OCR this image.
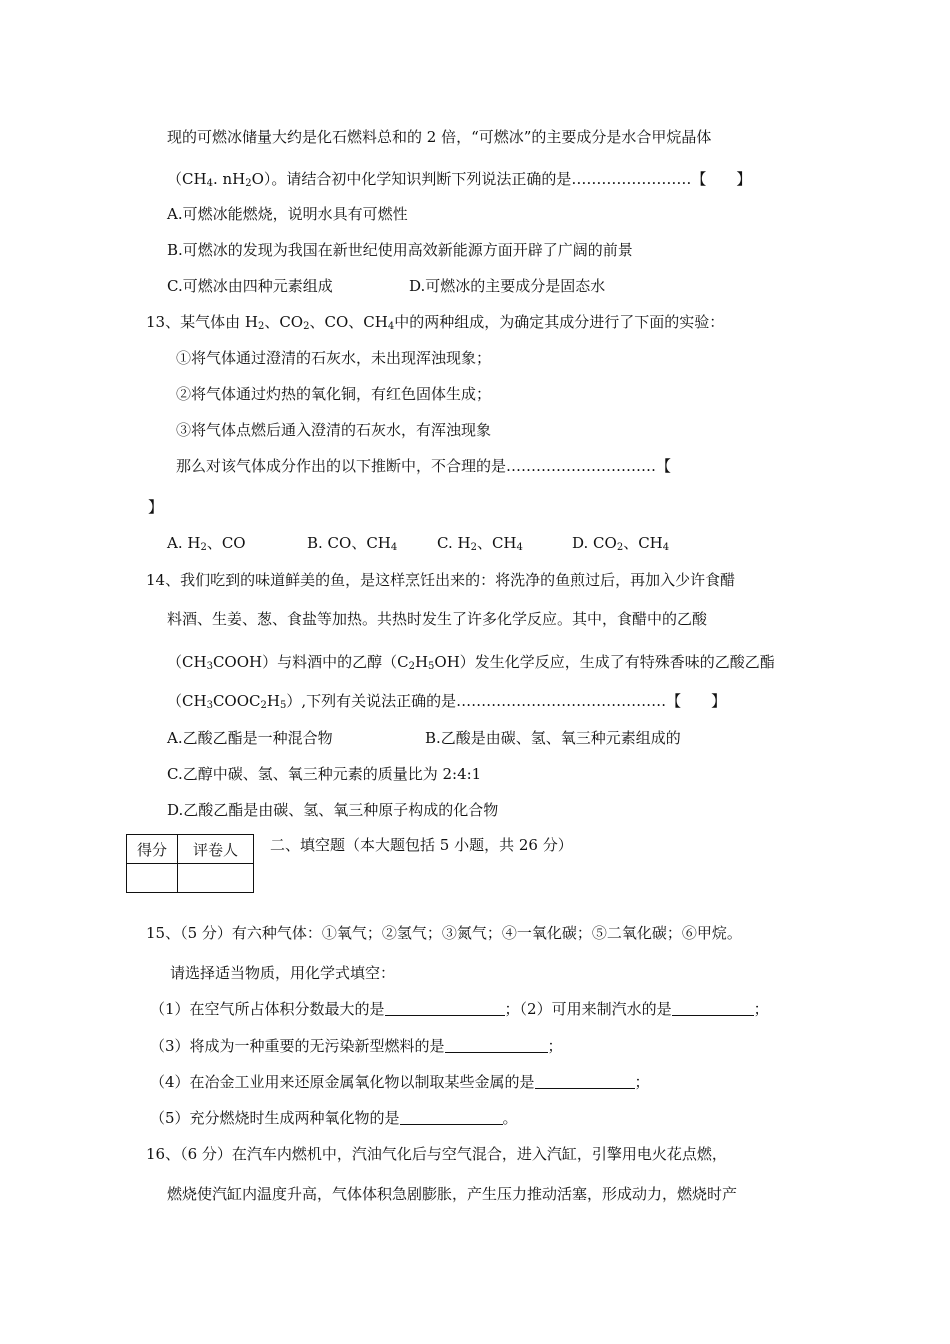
现的可燃冰储量大约是化石燃料总和的 2 倍，“可燃冰”的主要成分是水合甲烷晶体
（$CH_4$. $nH_2O$）。请结合初中化学知识判断下列说法正确的是……………………【　　】
A.可燃冰能燃烧，说明水具有可燃性
B.可燃冰的发现为我国在新世纪使用高效新能源方面开辟了广阔的前景
C.可燃冰由四种元素组成	D.可燃冰的主要成分是固态水
13、某气体由 $H_2$、$CO_2$、CO、$CH_4$中的两种组成，为确定其成分进行了下面的实验：
①将气体通过澄清的石灰水，未出现浑浊现象；
②将气体通过灼热的氧化铜，有红色固体生成；
③将气体点燃后通入澄清的石灰水，有浑浊现象
那么对该气体成分作出的以下推断中，不合理的是…………………………【
】
A. $H_2$、CO	B. CO、$CH_4$	C. $H_2$、$CH_4$	D. $CO_2$、$CH_4$
14、我们吃到的味道鲜美的鱼，是这样烹饪出来的：将洗净的鱼煎过后，再加入少许食醋
料酒、生姜、葱、食盐等加热。共热时发生了许多化学反应。其中，食醋中的乙酸
$(CH_3COOH)$与料酒中的乙醇$(C_2H_5OH)$发生化学反应，生成了有特殊香味的乙酸乙酯
$(CH_3COOC_2H_5)$,下列有关说法正确的是……………………………………【　　】
A.乙酸乙酯是一种混合物	B.乙酸是由碳、氢、氧三种元素组成的
C.乙醇中碳、氢、氧三种元素的质量比为 2:4:1
D.乙酸乙酯是由碳、氢、氧三种原子构成的化合物
得分	评卷人
	二、填空题（本大题包括 5 小题，共 26 分）
15、（5 分）有六种气体：①氧气；②氢气；③氮气；④一氧化碳；⑤二氧化碳；⑥甲烷。
请选择适当物质，用化学式填空：
（1）在空气所占体积分数最大的是	；（2）可用来制汽水的是	；
（3）将成为一种重要的无污染新型燃料的是	；
（4）在冶金工业用来还原金属氧化物以制取某些金属的是	；
（5）充分燃烧时生成两种氧化物的是	。
16、（6 分）在汽车内燃机中，汽油气化后与空气混合，进入汽缸，引擎用电火花点燃，
燃烧使汽缸内温度升高，气体体积急剧膨胀，产生压力推动活塞，形成动力，燃烧时产
